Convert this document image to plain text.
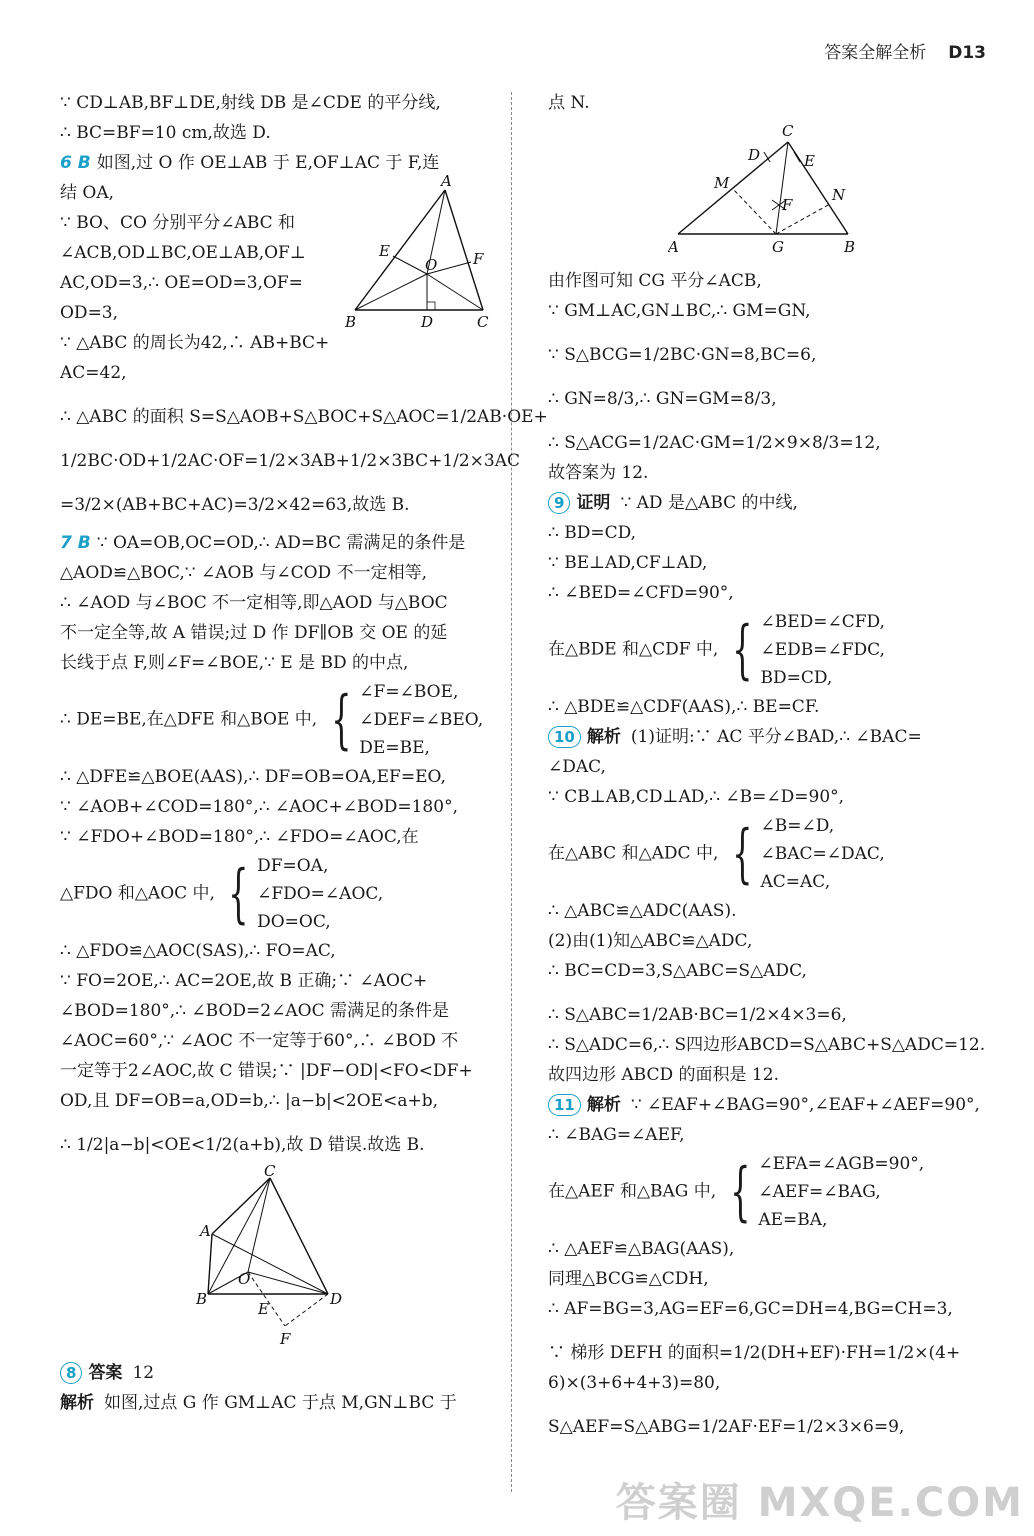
答案全解全析 D13
∵ CD⊥AB,BF⊥DE,射线 DB 是∠CDE 的平分线,
∴ BC=BF=10 cm,故选 D.
6 B 如图,过 O 作 OE⊥AB 于 E,OF⊥AC 于 F,连
结 OA,
∵ BO、CO 分别平分∠ABC 和
∠ACB,OD⊥BC,OE⊥AB,OF⊥
AC,OD=3,∴ OE=OD=3,OF=
OD=3,
∵ △ABC 的周长为42,∴ AB+BC+
AC=42,
A
B	C
D
E	F
O
∴ △ABC 的面积 S=S△AOB+S△BOC+S△AOC=1/2AB·OE+
1/2BC·OD+1/2AC·OF=1/2×3AB+1/2×3BC+1/2×3AC
=3/2×(AB+BC+AC)=3/2×42=63,故选 B.
7 B ∵ OA=OB,OC=OD,∴ AD=BC 需满足的条件是
△AOD≌△BOC,∵ ∠AOB 与∠COD 不一定相等,
∴ ∠AOD 与∠BOC 不一定相等,即△AOD 与△BOC
不一定全等,故 A 错误;过 D 作 DF∥OB 交 OE 的延
长线于点 F,则∠F=∠BOE,∵ E 是 BD 的中点,
∴ DE=BE,在△DFE 和△BOE 中, { ∠F=∠BOE,
∠DEF=∠BEO,
DE=BE,
∴ △DFE≌△BOE(AAS),∴ DF=OB=OA,EF=EO,
∵ ∠AOB+∠COD=180°,∴ ∠AOC+∠BOD=180°,
∵ ∠FDO+∠BOD=180°,∴ ∠FDO=∠AOC,在
△FDO 和△AOC 中, { DF=OA,
∠FDO=∠AOC,
DO=OC,
∴ △FDO≌△AOC(SAS),∴ FO=AC,
∵ FO=2OE,∴ AC=2OE,故 B 正确;∵ ∠AOC+
∠BOD=180°,∴ ∠BOD=2∠AOC 需满足的条件是
∠AOC=60°,∵ ∠AOC 不一定等于60°,∴ ∠BOD 不
一定等于2∠AOC,故 C 错误;∵ |DF−OD|<FO<DF+
OD,且 DF=OB=a,OD=b,∴ |a−b|<2OE<a+b,
∴ 1/2|a−b|<OE<1/2(a+b),故 D 错误.故选 B.
A
B
C
D
E
F
O
8 答案 12
解析 如图,过点 G 作 GM⊥AC 于点 M,GN⊥BC 于
点 N.
A	B
C
D	E
F
G
M
N
由作图可知 CG 平分∠ACB,
∵ GM⊥AC,GN⊥BC,∴ GM=GN,
∵ S△BCG=1/2BC·GN=8,BC=6,
∴ GN=8/3,∴ GN=GM=8/3,
∴ S△ACG=1/2AC·GM=1/2×9×8/3=12,
故答案为 12.
9 证明 ∵ AD 是△ABC 的中线,
∴ BD=CD,
∵ BE⊥AD,CF⊥AD,
∴ ∠BED=∠CFD=90°,
在△BDE 和△CDF 中, { ∠BED=∠CFD,
∠EDB=∠FDC,
BD=CD,
∴ △BDE≌△CDF(AAS),∴ BE=CF.
10 解析 (1)证明:∵ AC 平分∠BAD,∴ ∠BAC=
∠DAC,
∵ CB⊥AB,CD⊥AD,∴ ∠B=∠D=90°,
在△ABC 和△ADC 中, { ∠B=∠D,
∠BAC=∠DAC,
AC=AC,
∴ △ABC≌△ADC(AAS).
(2)由(1)知△ABC≌△ADC,
∴ BC=CD=3,S△ABC=S△ADC,
∴ S△ABC=1/2AB·BC=1/2×4×3=6,
∴ S△ADC=6,∴ S四边形ABCD=S△ABC+S△ADC=12.
故四边形 ABCD 的面积是 12.
11 解析 ∵ ∠EAF+∠BAG=90°,∠EAF+∠AEF=90°,
∴ ∠BAG=∠AEF,
在△AEF 和△BAG 中, { ∠EFA=∠AGB=90°,
∠AEF=∠BAG,
AE=BA,
∴ △AEF≌△BAG(AAS),
同理△BCG≌△CDH,
∴ AF=BG=3,AG=EF=6,GC=DH=4,BG=CH=3,
∵ 梯形 DEFH 的面积=1/2(DH+EF)·FH=1/2×(4+
6)×(3+6+4+3)=80,
S△AEF=S△ABG=1/2AF·EF=1/2×3×6=9,
答案圈 MXQE.COM
